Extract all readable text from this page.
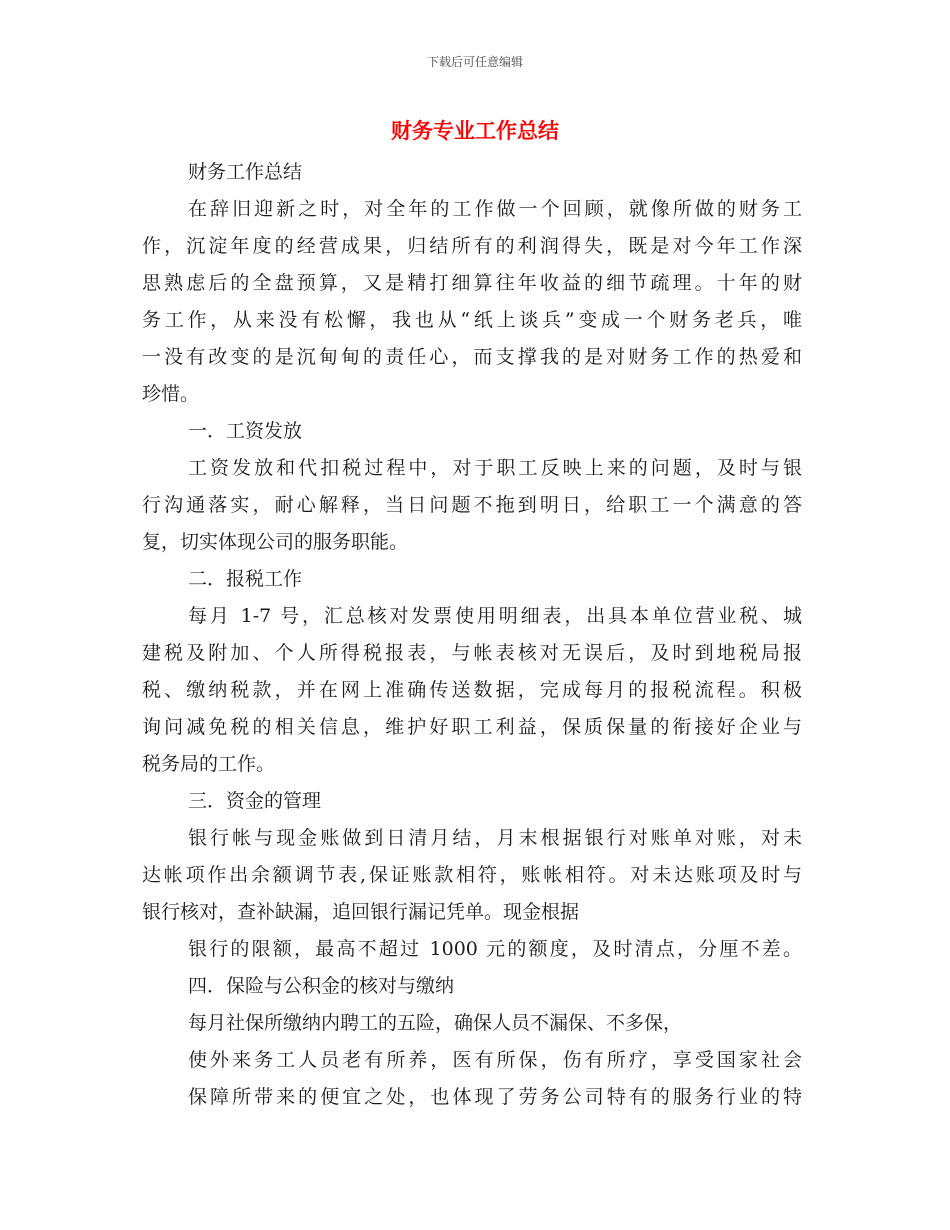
下载后可任意编辑
财务专业工作总结
财务工作总结
在辞旧迎新之时，对全年的工作做一个回顾，就像所做的财务工
作，沉淀年度的经营成果，归结所有的利润得失，既是对今年工作深
思熟虑后的全盘预算，又是精打细算往年收益的细节疏理。十年的财
务工作，从来没有松懈，我也从“纸上谈兵”变成一个财务老兵，唯
一没有改变的是沉甸甸的责任心，而支撑我的是对财务工作的热爱和
珍惜。
一．工资发放
工资发放和代扣税过程中，对于职工反映上来的问题，及时与银
行沟通落实，耐心解释，当日问题不拖到明日，给职工一个满意的答
复，切实体现公司的服务职能。
二．报税工作
每月 1-7 号，汇总核对发票使用明细表，出具本单位营业税、城
建税及附加、个人所得税报表，与帐表核对无误后，及时到地税局报
税、缴纳税款，并在网上准确传送数据，完成每月的报税流程。积极
询问减免税的相关信息，维护好职工利益，保质保量的衔接好企业与
税务局的工作。
三．资金的管理
银行帐与现金账做到日清月结，月末根据银行对账单对账，对未
达帐项作出余额调节表,保证账款相符，账帐相符。对未达账项及时与
银行核对，查补缺漏，追回银行漏记凭单。现金根据
银行的限额，最高不超过 1000 元的额度，及时清点，分厘不差。
四．保险与公积金的核对与缴纳
每月社保所缴纳内聘工的五险，确保人员不漏保、不多保，
使外来务工人员老有所养，医有所保，伤有所疗，享受国家社会
保障所带来的便宜之处，也体现了劳务公司特有的服务行业的特
